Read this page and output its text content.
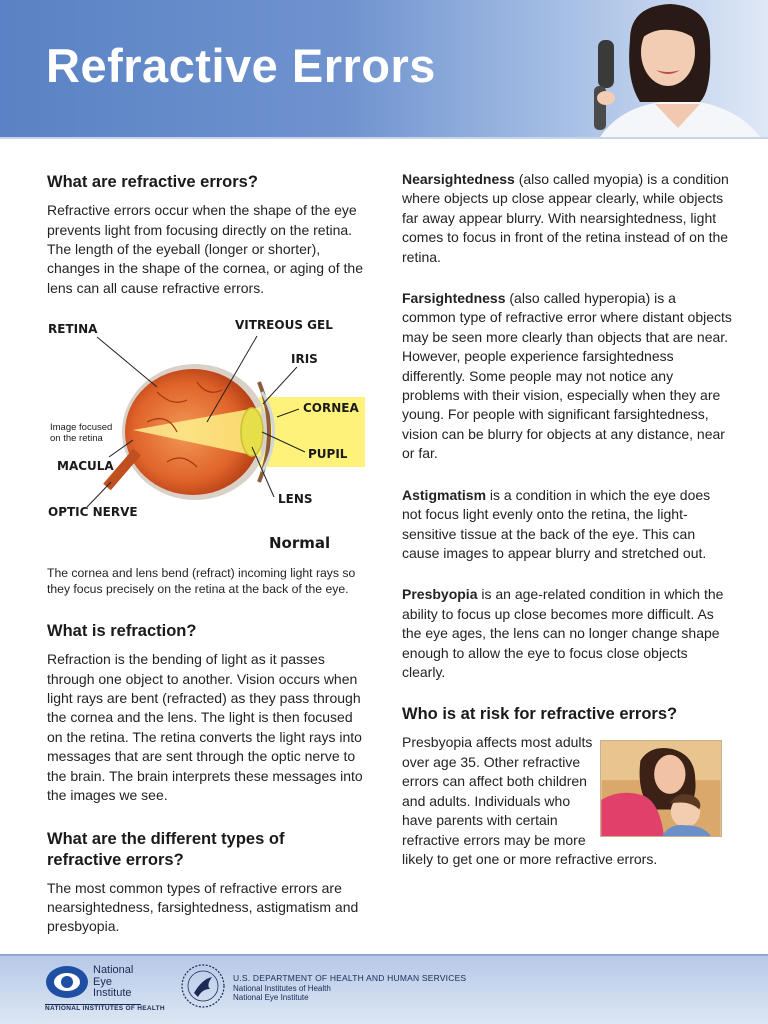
Refractive Errors
What are refractive errors?

Refractive errors occur when the shape of the eye prevents light from focusing directly on the retina. The length of the eyeball (longer or shorter), changes in the shape of the cornea, or aging of the lens can all cause refractive errors.

RETINA	VITREOUS GEL
IRIS
CORNEA
Image focused on the retina
PUPIL
MACULA
LENS
OPTIC NERVE
Normal

The cornea and lens bend (refract) incoming light rays so they focus precisely on the retina at the back of the eye.

What is refraction?

Refraction is the bending of light as it passes through one object to another. Vision occurs when light rays are bent (refracted) as they pass through the cornea and the lens. The light is then focused on the retina. The retina converts the light rays into messages that are sent through the optic nerve to the brain. The brain interprets these messages into the images we see.

What are the different types of refractive errors?

The most common types of refractive errors are nearsightedness, farsightedness, astigmatism and presbyopia.

Nearsightedness (also called myopia) is a condition where objects up close appear clearly, while objects far away appear blurry. With nearsightedness, light comes to focus in front of the retina instead of on the retina.

Farsightedness (also called hyperopia) is a common type of refractive error where distant objects may be seen more clearly than objects that are near. However, people experience farsightedness differently. Some people may not notice any problems with their vision, especially when they are young. For people with significant farsightedness, vision can be blurry for objects at any distance, near or far.

Astigmatism is a condition in which the eye does not focus light evenly onto the retina, the light-sensitive tissue at the back of the eye. This can cause images to appear blurry and stretched out.

Presbyopia is an age-related condition in which the ability to focus up close becomes more difficult. As the eye ages, the lens can no longer change shape enough to allow the eye to focus close objects clearly.

Who is at risk for refractive errors?

Presbyopia affects most adults over age 35. Other refractive errors can affect both children and adults. Individuals who have parents with certain refractive errors may be more

likely to get one or more refractive errors.

National
Eye
Institute
NATIONAL INSTITUTES OF HEALTH
U.S. DEPARTMENT OF HEALTH AND HUMAN SERVICES
National Institutes of Health
National Eye Institute
